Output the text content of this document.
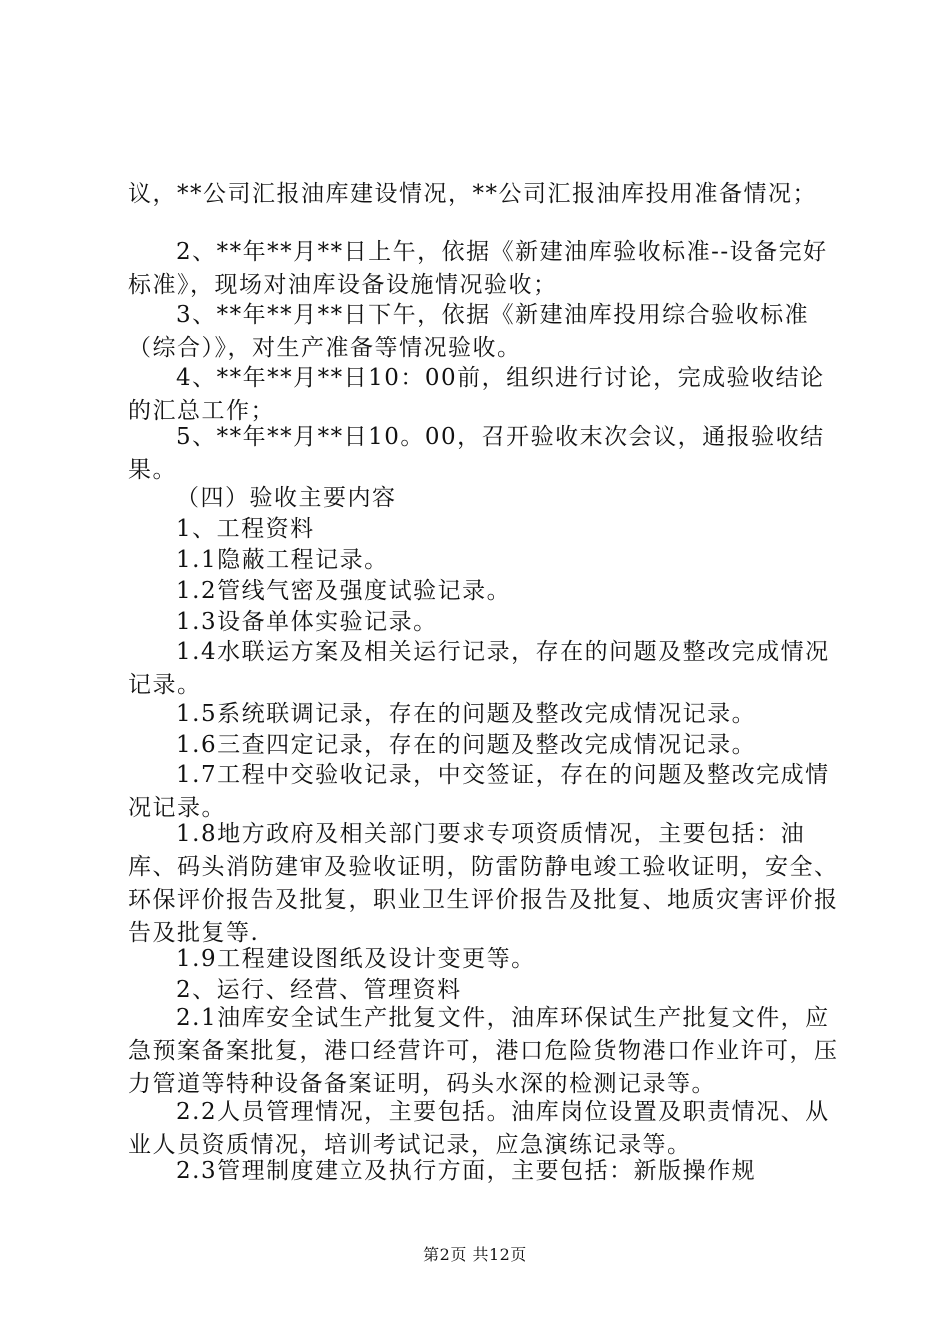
议，**公司汇报油库建设情况，**公司汇报油库投用准备情况；

2、**年**月**日上午，依据《新建油库验收标准--设备完好标准》，现场对油库设备设施情况验收；

3、**年**月**日下午，依据《新建油库投用综合验收标准（综合）》，对生产准备等情况验收。

4、**年**月**日10：00前，组织进行讨论，完成验收结论的汇总工作；

5、**年**月**日10。00，召开验收末次会议，通报验收结果。

（四）验收主要内容

1、工程资料

1.1隐蔽工程记录。

1.2管线气密及强度试验记录。

1.3设备单体实验记录。

1.4水联运方案及相关运行记录，存在的问题及整改完成情况记录。

1.5系统联调记录，存在的问题及整改完成情况记录。

1.6三查四定记录，存在的问题及整改完成情况记录。

1.7工程中交验收记录，中交签证，存在的问题及整改完成情况记录。

1.8地方政府及相关部门要求专项资质情况，主要包括：油库、码头消防建审及验收证明，防雷防静电竣工验收证明，安全、环保评价报告及批复，职业卫生评价报告及批复、地质灾害评价报告及批复等.

1.9工程建设图纸及设计变更等。

2、运行、经营、管理资料

2.1油库安全试生产批复文件，油库环保试生产批复文件，应急预案备案批复，港口经营许可，港口危险货物港口作业许可，压力管道等特种设备备案证明，码头水深的检测记录等。

2.2人员管理情况，主要包括。油库岗位设置及职责情况、从业人员资质情况，培训考试记录，应急演练记录等。

2.3管理制度建立及执行方面，主要包括：新版操作规

第2页 共12页
